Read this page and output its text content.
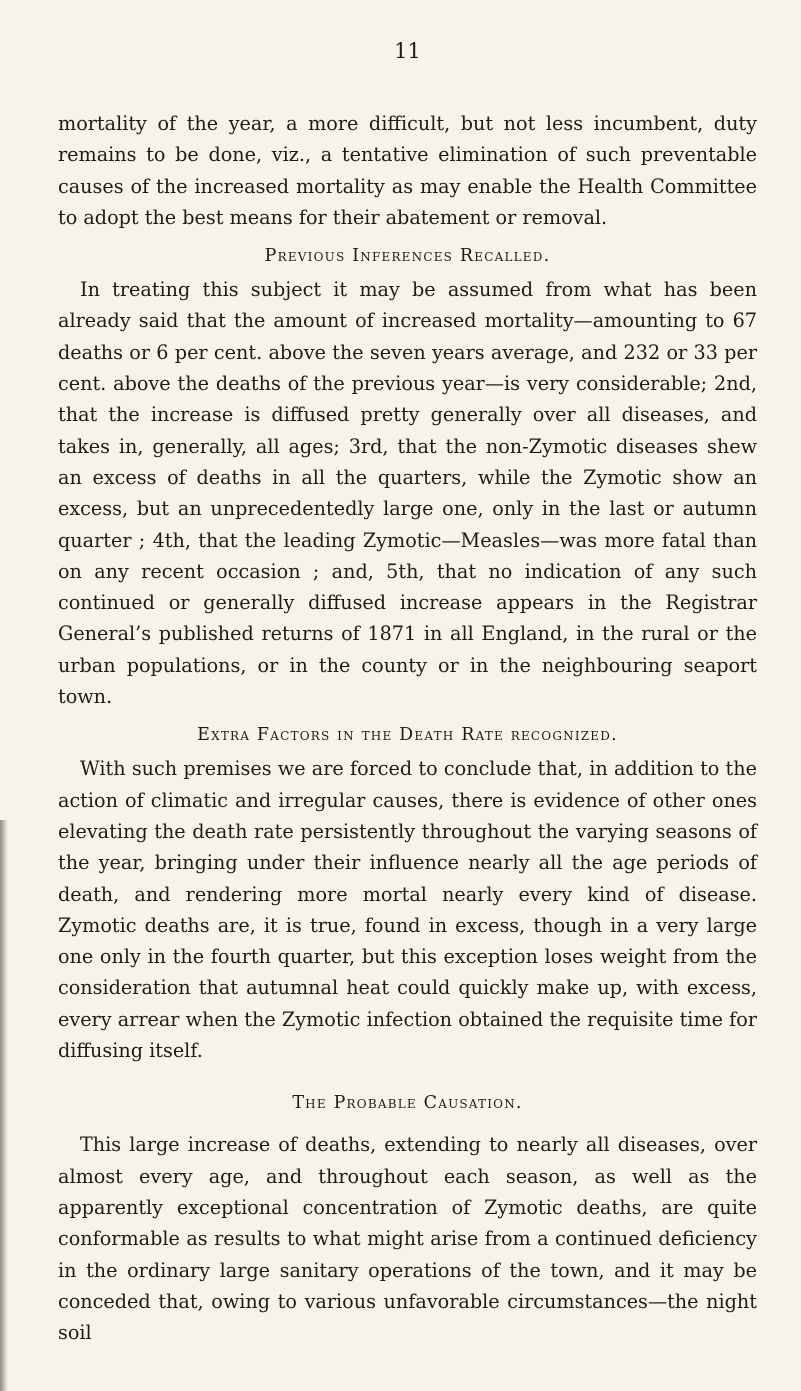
11

mortality of the year, a more difficult, but not less incumbent, duty remains to be done, viz., a tentative elimination of such preventable causes of the increased mortality as may enable the Health Committee to adopt the best means for their abatement or removal.

Previous Inferences Recalled.

In treating this subject it may be assumed from what has been already said that the amount of increased mortality—amounting to 67 deaths or 6 per cent. above the seven years average, and 232 or 33 per cent. above the deaths of the previous year—is very considerable; 2nd, that the increase is diffused pretty generally over all diseases, and takes in, generally, all ages; 3rd, that the non-Zymotic diseases shew an excess of deaths in all the quarters, while the Zymotic show an excess, but an unprecedentedly large one, only in the last or autumn quarter ; 4th, that the leading Zymotic—Measles—was more fatal than on any recent occasion ; and, 5th, that no indication of any such continued or generally diffused increase appears in the Registrar General’s published returns of 1871 in all England, in the rural or the urban populations, or in the county or in the neighbouring seaport town.

Extra Factors in the Death Rate recognized.

With such premises we are forced to conclude that, in addition to the action of climatic and irregular causes, there is evidence of other ones elevating the death rate persistently throughout the varying seasons of the year, bringing under their influence nearly all the age periods of death, and rendering more mortal nearly every kind of disease. Zymotic deaths are, it is true, found in excess, though in a very large one only in the fourth quarter, but this exception loses weight from the consideration that autumnal heat could quickly make up, with excess, every arrear when the Zymotic infection obtained the requisite time for diffusing itself.

The Probable Causation.

This large increase of deaths, extending to nearly all diseases, over almost every age, and throughout each season, as well as the apparently exceptional concentration of Zymotic deaths, are quite conformable as results to what might arise from a continued deficiency in the ordinary large sanitary operations of the town, and it may be conceded that, owing to various unfavorable circumstances—the night soil
